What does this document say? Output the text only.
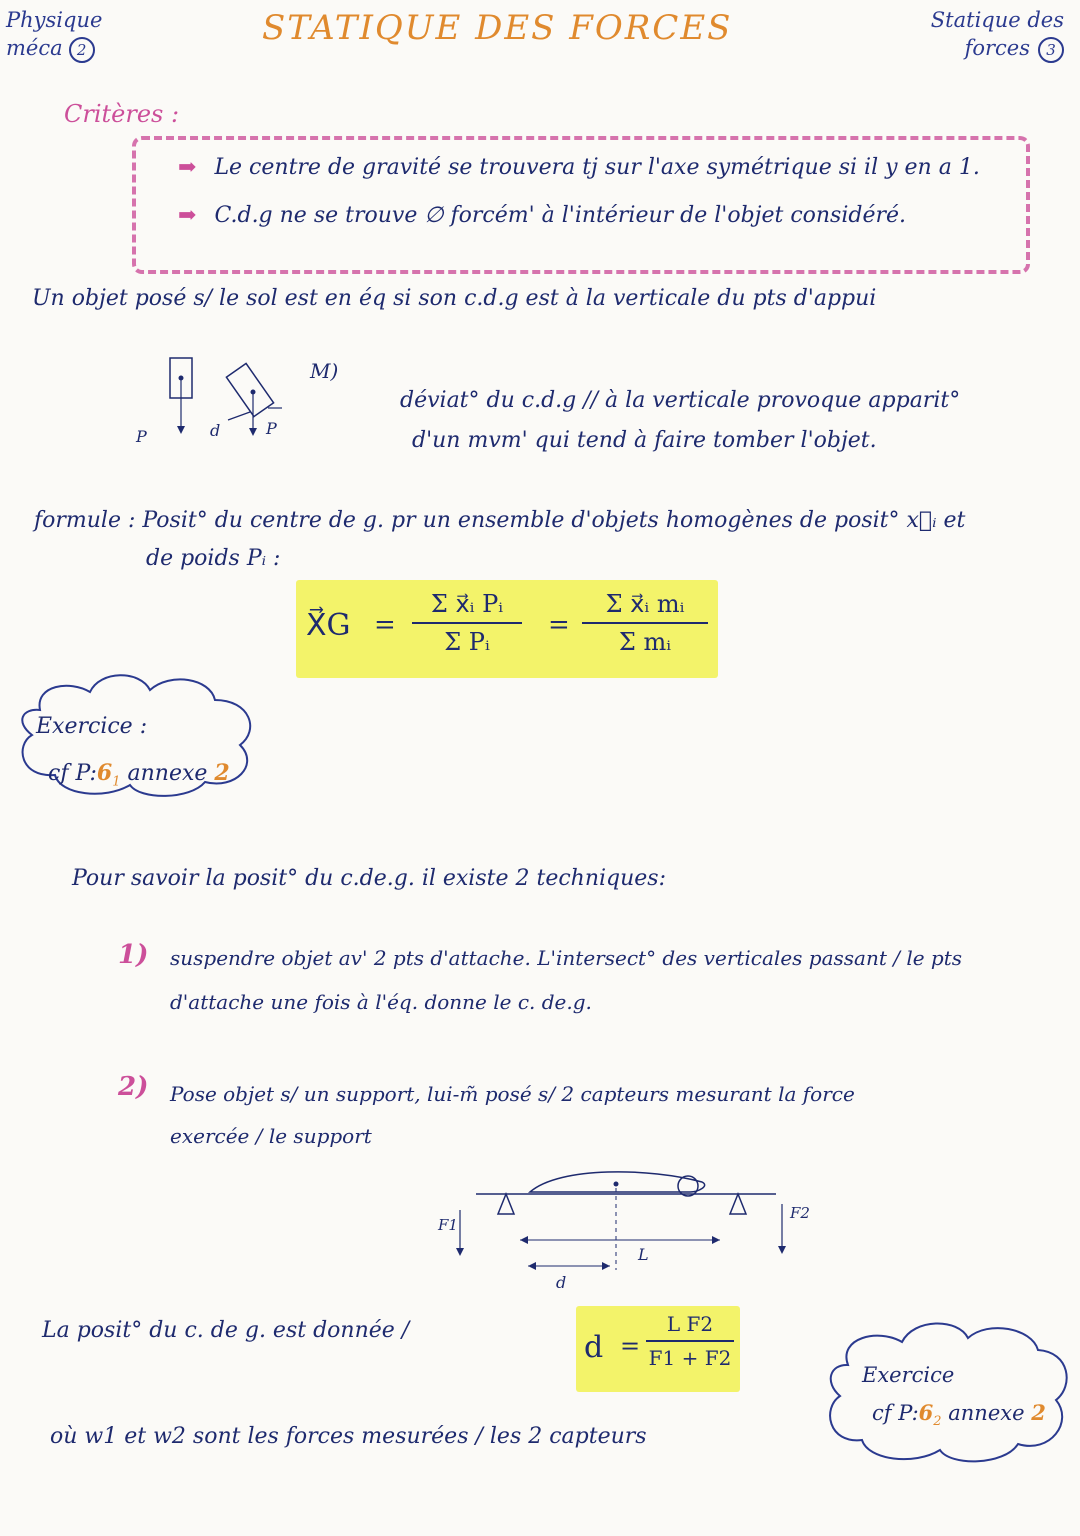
Physique
méca 2
STATIQUE DES FORCES	Statique des
forces 3
Critères :
➡ Le centre de gravité se trouvera tj sur l'axe symétrique si il y en a 1.
➡ C.d.g ne se trouve ∅ forcém' à l'intérieur de l'objet considéré.
Un objet posé s/ le sol est en éq si son c.d.g est à la verticale du pts d'appui
P	d	P
M)
déviat° du c.d.g // à la verticale provoque apparit°
d'un mvm' qui tend à faire tomber l'objet.
formule : Posit° du centre de g. pr un ensemble d'objets homogènes de posit° x⃗ᵢ et
de poids Pᵢ :
X⃗G = $\frac{\text{Σ x⃗ᵢ Pᵢ}}{\text{Σ Pᵢ}} = \frac{\text{Σ x⃗ᵢ mᵢ}}{\text{Σ mᵢ}}$
Exercice :
cf $P:6_1$ annexe 2
Pour savoir la posit° du c.de.g. il existe 2 techniques:
1) suspendre objet av' 2 pts d'attache. L'intersect° des verticales passant / le pts
d'attache une fois à l'éq. donne le c. de.g.
2) Pose objet s/ un support, lui-m̃ posé s/ 2 capteurs mesurant la force
exercée / le support
F1
F2
L
d
La posit° du c. de g. est donnée /	$d = \frac{\text{L F2}}{F1 + F2}$
où w1 et w2 sont les forces mesurées / les 2 capteurs
Exercice
cf $P:6_2$ annexe 2
